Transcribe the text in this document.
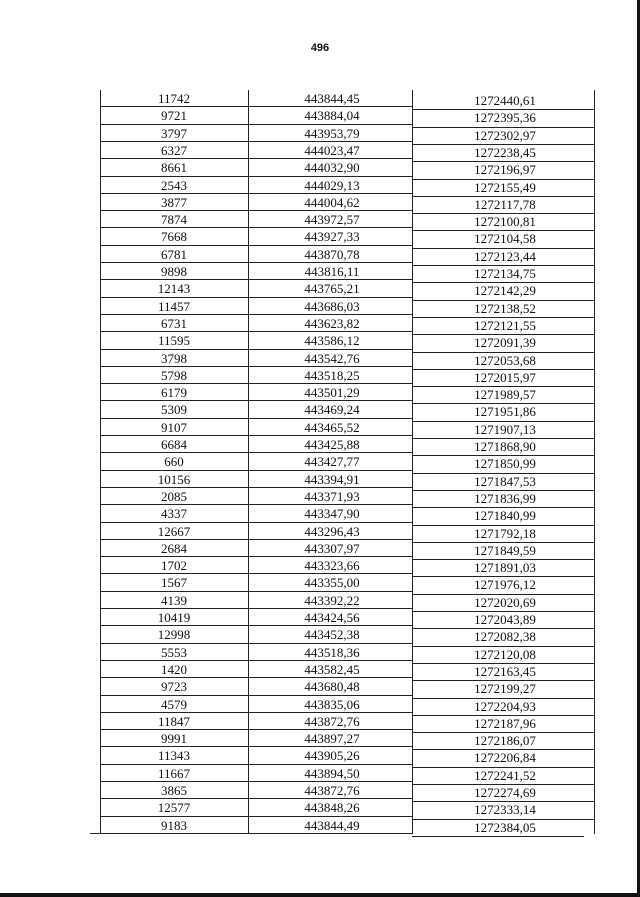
496
11742	443844,45	1272440,61
9721	443884,04	1272395,36
3797	443953,79	1272302,97
6327	444023,47	1272238,45
8661	444032,90	1272196,97
2543	444029,13	1272155,49
3877	444004,62	1272117,78
7874	443972,57	1272100,81
7668	443927,33	1272104,58
6781	443870,78	1272123,44
9898	443816,11	1272134,75
12143	443765,21	1272142,29
11457	443686,03	1272138,52
6731	443623,82	1272121,55
11595	443586,12	1272091,39
3798	443542,76	1272053,68
5798	443518,25	1272015,97
6179	443501,29	1271989,57
5309	443469,24	1271951,86
9107	443465,52	1271907,13
6684	443425,88	1271868,90
660	443427,77	1271850,99
10156	443394,91	1271847,53
2085	443371,93	1271836,99
4337	443347,90	1271840,99
12667	443296,43	1271792,18
2684	443307,97	1271849,59
1702	443323,66	1271891,03
1567	443355,00	1271976,12
4139	443392,22	1272020,69
10419	443424,56	1272043,89
12998	443452,38	1272082,38
5553	443518,36	1272120,08
1420	443582,45	1272163,45
9723	443680,48	1272199,27
4579	443835,06	1272204,93
11847	443872,76	1272187,96
9991	443897,27	1272186,07
11343	443905,26	1272206,84
11667	443894,50	1272241,52
3865	443872,76	1272274,69
12577	443848,26	1272333,14
9183	443844,49	1272384,05
